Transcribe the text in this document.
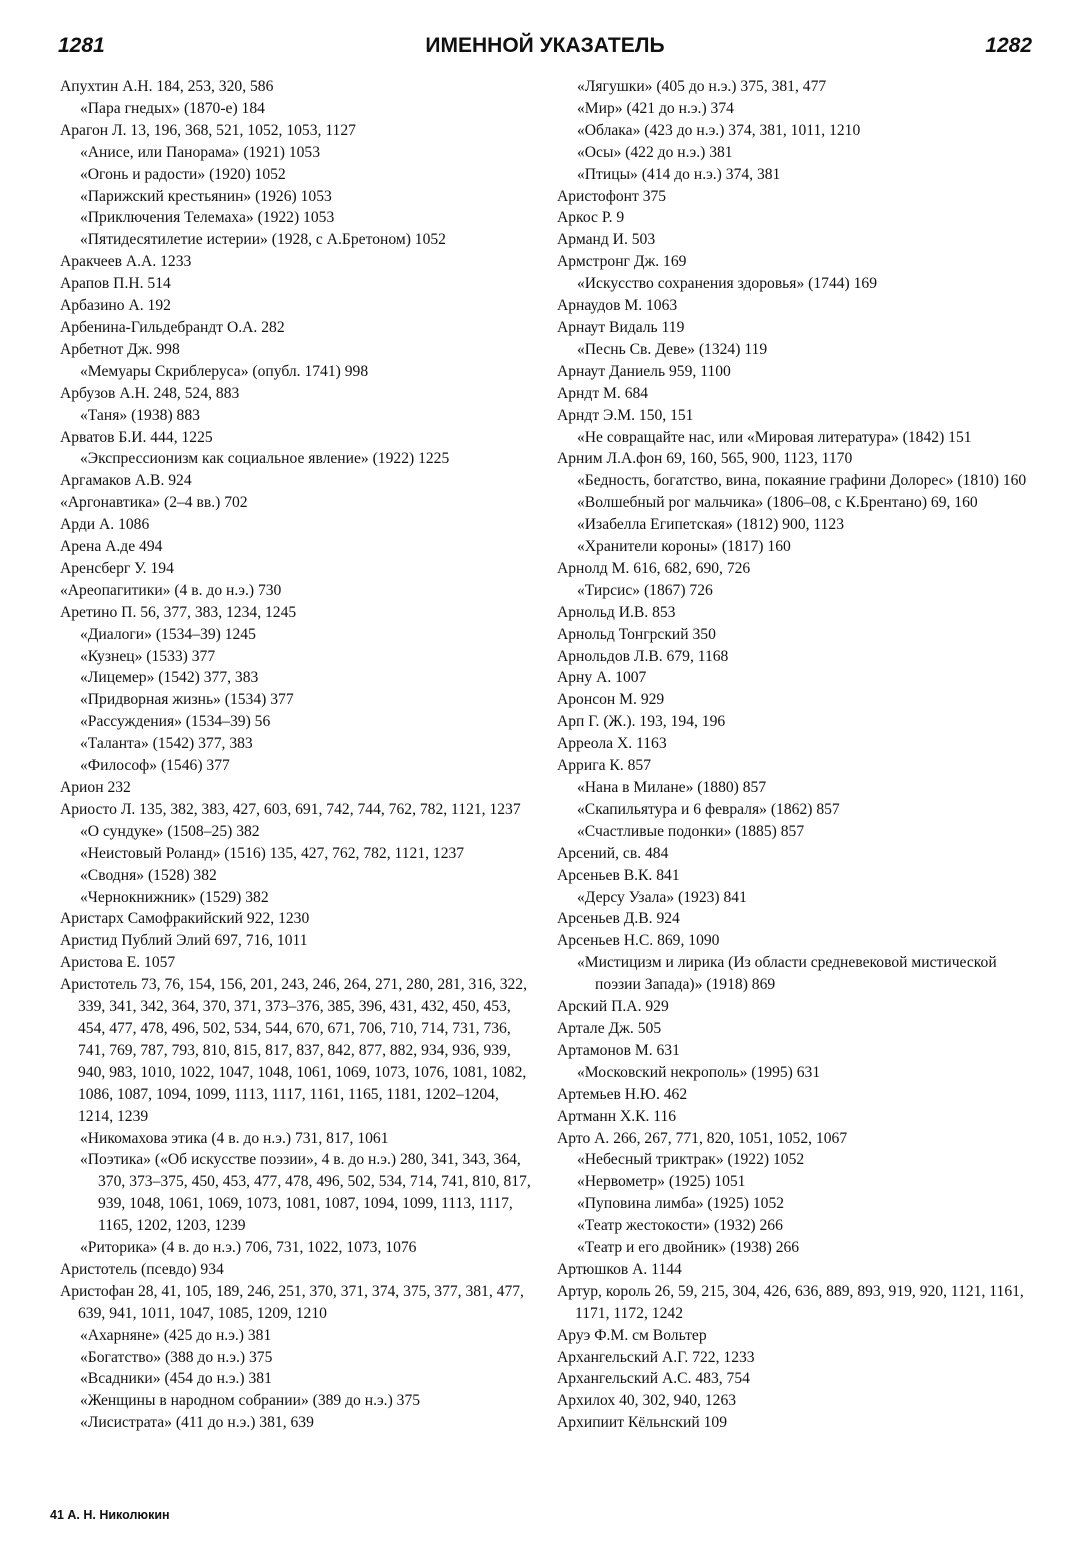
1281	ИМЕННОЙ УКАЗАТЕЛЬ	1282
Апухтин А.Н. 184, 253, 320, 586
«Пара гнедых» (1870-е) 184
Арагон Л. 13, 196, 368, 521, 1052, 1053, 1127
«Анисе, или Панорама» (1921) 1053
«Огонь и радости» (1920) 1052
«Парижский крестьянин» (1926) 1053
«Приключения Телемаха» (1922) 1053
«Пятидесятилетие истерии» (1928, с А.Бретоном) 1052
Аракчеев А.А. 1233
Арапов П.Н. 514
Арбазино А. 192
Арбенина-Гильдебрандт О.А. 282
Арбетнот Дж. 998
«Мемуары Скриблеруса» (опубл. 1741) 998
Арбузов А.Н. 248, 524, 883
«Таня» (1938) 883
Арватов Б.И. 444, 1225
«Экспрессионизм как социальное явление» (1922) 1225
Аргамаков А.В. 924
«Аргонавтика» (2–4 вв.) 702
Арди А. 1086
Арена А.де 494
Аренсберг У. 194
«Ареопагитики» (4 в. до н.э.) 730
Аретино П. 56, 377, 383, 1234, 1245
«Диалоги» (1534–39) 1245
«Кузнец» (1533) 377
«Лицемер» (1542) 377, 383
«Придворная жизнь» (1534) 377
«Рассуждения» (1534–39) 56
«Таланта» (1542) 377, 383
«Философ» (1546) 377
Арион 232
Ариосто Л. 135, 382, 383, 427, 603, 691, 742, 744, 762, 782, 1121, 1237
«О сундуке» (1508–25) 382
«Неистовый Роланд» (1516) 135, 427, 762, 782, 1121, 1237
«Сводня» (1528) 382
«Чернокнижник» (1529) 382
Аристарх Самофракийский 922, 1230
Аристид Публий Элий 697, 716, 1011
Аристова Е. 1057
Аристотель 73, 76, 154, 156, 201, 243, 246, 264, 271, 280, 281, 316, 322, 339, 341, 342, 364, 370, 371, 373–376, 385, 396, 431, 432, 450, 453, 454, 477, 478, 496, 502, 534, 544, 670, 671, 706, 710, 714, 731, 736, 741, 769, 787, 793, 810, 815, 817, 837, 842, 877, 882, 934, 936, 939, 940, 983, 1010, 1022, 1047, 1048, 1061, 1069, 1073, 1076, 1081, 1082, 1086, 1087, 1094, 1099, 1113, 1117, 1161, 1165, 1181, 1202–1204, 1214, 1239
«Никомахова этика (4 в. до н.э.) 731, 817, 1061
«Поэтика» («Об искусстве поэзии», 4 в. до н.э.) 280, 341, 343, 364, 370, 373–375, 450, 453, 477, 478, 496, 502, 534, 714, 741, 810, 817, 939, 1048, 1061, 1069, 1073, 1081, 1087, 1094, 1099, 1113, 1117, 1165, 1202, 1203, 1239
«Риторика» (4 в. до н.э.) 706, 731, 1022, 1073, 1076
Аристотель (псевдо) 934
Аристофан 28, 41, 105, 189, 246, 251, 370, 371, 374, 375, 377, 381, 477, 639, 941, 1011, 1047, 1085, 1209, 1210
«Ахарняне» (425 до н.э.) 381
«Богатство» (388 до н.э.) 375
«Всадники» (454 до н.э.) 381
«Женщины в народном собрании» (389 до н.э.) 375
«Лисистрата» (411 до н.э.) 381, 639
«Лягушки» (405 до н.э.) 375, 381, 477
«Мир» (421 до н.э.) 374
«Облака» (423 до н.э.) 374, 381, 1011, 1210
«Осы» (422 до н.э.) 381
«Птицы» (414 до н.э.) 374, 381
Аристофонт 375
Аркос Р. 9
Арманд И. 503
Армстронг Дж. 169
«Искусство сохранения здоровья» (1744) 169
Арнаудов М. 1063
Арнаут Видаль 119
«Песнь Св. Деве» (1324) 119
Арнаут Даниель 959, 1100
Арндт М. 684
Арндт Э.М. 150, 151
«Не совращайте нас, или «Мировая литература» (1842) 151
Арним Л.А.фон 69, 160, 565, 900, 1123, 1170
«Бедность, богатство, вина, покаяние графини Долорес» (1810) 160
«Волшебный рог мальчика» (1806–08, с К.Брентано) 69, 160
«Изабелла Египетская» (1812) 900, 1123
«Хранители короны» (1817) 160
Арнолд М. 616, 682, 690, 726
«Тирсис» (1867) 726
Арнольд И.В. 853
Арнольд Тонгрский 350
Арнольдов Л.В. 679, 1168
Арну А. 1007
Аронсон М. 929
Арп Г. (Ж.). 193, 194, 196
Арреола Х. 1163
Аррига К. 857
«Нана в Милане» (1880) 857
«Скапильятура и 6 февраля» (1862) 857
«Счастливые подонки» (1885) 857
Арсений, св. 484
Арсеньев В.К. 841
«Дерсу Узала» (1923) 841
Арсеньев Д.В. 924
Арсеньев Н.С. 869, 1090
«Мистицизм и лирика (Из области средневековой мистической поэзии Запада)» (1918) 869
Арский П.А. 929
Артале Дж. 505
Артамонов М. 631
«Московский некрополь» (1995) 631
Артемьев Н.Ю. 462
Артманн Х.К. 116
Арто А. 266, 267, 771, 820, 1051, 1052, 1067
«Небесный триктрак» (1922) 1052
«Нервометр» (1925) 1051
«Пуповина лимба» (1925) 1052
«Театр жестокости» (1932) 266
«Театр и его двойник» (1938) 266
Артюшков А. 1144
Артур, король 26, 59, 215, 304, 426, 636, 889, 893, 919, 920, 1121, 1161, 1171, 1172, 1242
Аруэ Ф.М. см Вольтер
Архангельский А.Г. 722, 1233
Архангельский А.С. 483, 754
Архилох 40, 302, 940, 1263
Архипиит Кёльнский 109
41 А. Н. Николюкин
